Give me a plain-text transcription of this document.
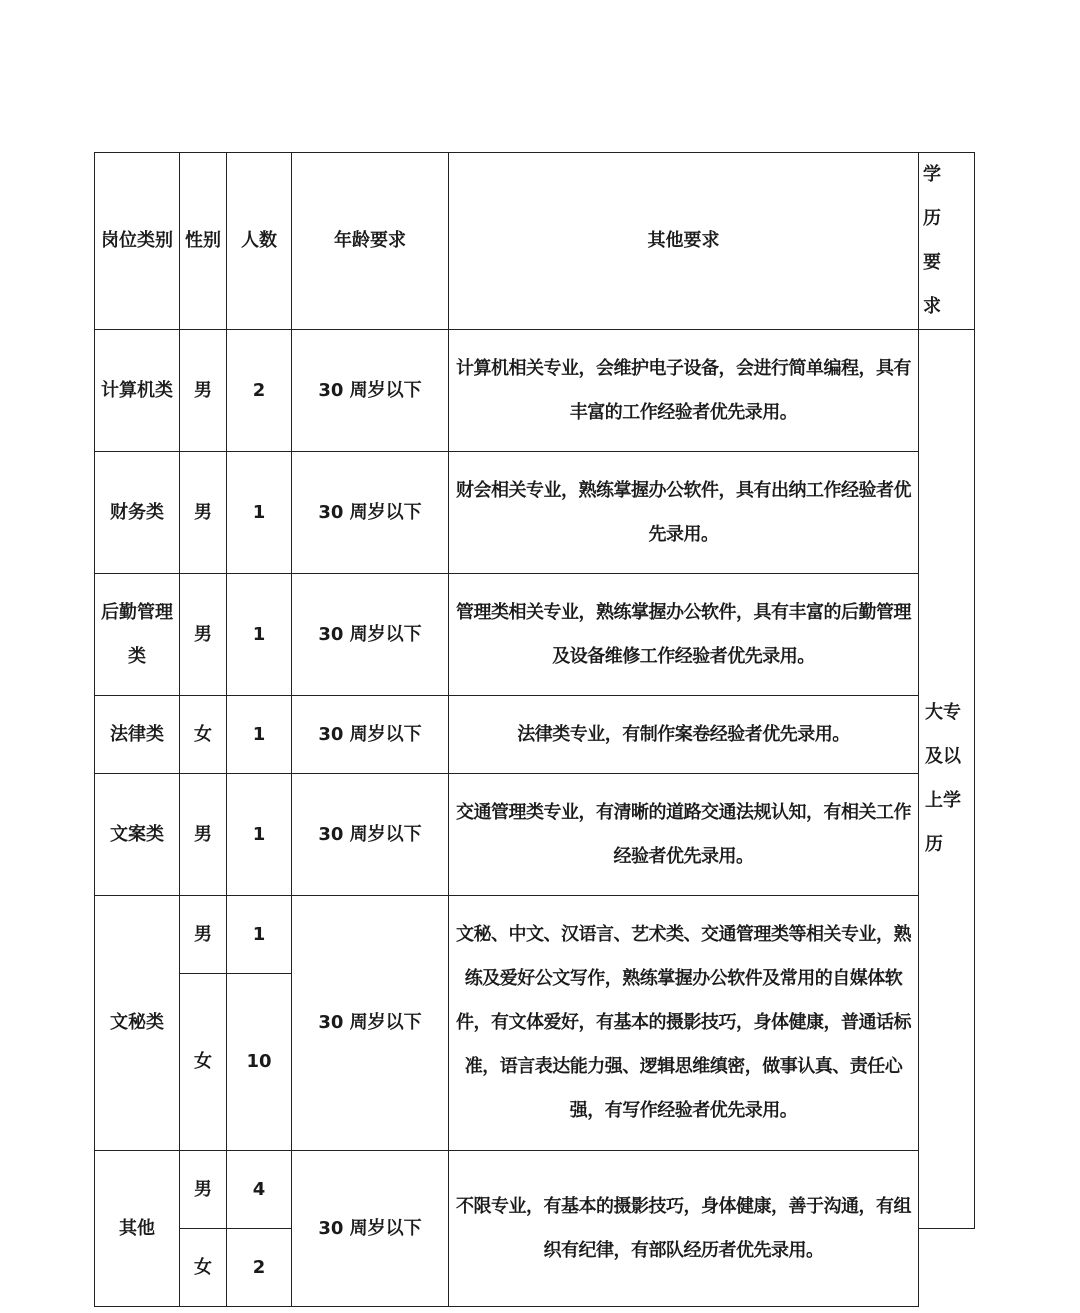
岗位类别	性别	人数	年龄要求	其他要求	学历要求

计算机类	男	2	30 周岁以下	计算机相关专业，会维护电子设备，会进行简单编程，具有丰富的工作经验者优先录用。	大专及以上学历

财务类	男	1	30 周岁以下	财会相关专业，熟练掌握办公软件，具有出纳工作经验者优先录用。	

后勤管理类	男	1	30 周岁以下	管理类相关专业，熟练掌握办公软件，具有丰富的后勤管理及设备维修工作经验者优先录用。	

法律类	女	1	30 周岁以下	法律类专业，有制作案卷经验者优先录用。	

文案类	男	1	30 周岁以下	交通管理类专业，有清晰的道路交通法规认知，有相关工作经验者优先录用。	

文秘类	男	1	30 周岁以下	文秘、中文、汉语言、艺术类、交通管理类等相关专业，熟练及爱好公文写作，熟练掌握办公软件及常用的自媒体软件，有文体爱好，有基本的摄影技巧，身体健康，普通话标准，语言表达能力强、逻辑思维缜密，做事认真、责任心强，有写作经验者优先录用。	

	女	10			
其他	男	4	30 周岁以下	不限专业，有基本的摄影技巧，身体健康，善于沟通，有组织有纪律，有部队经历者优先录用。	

	女	2			
